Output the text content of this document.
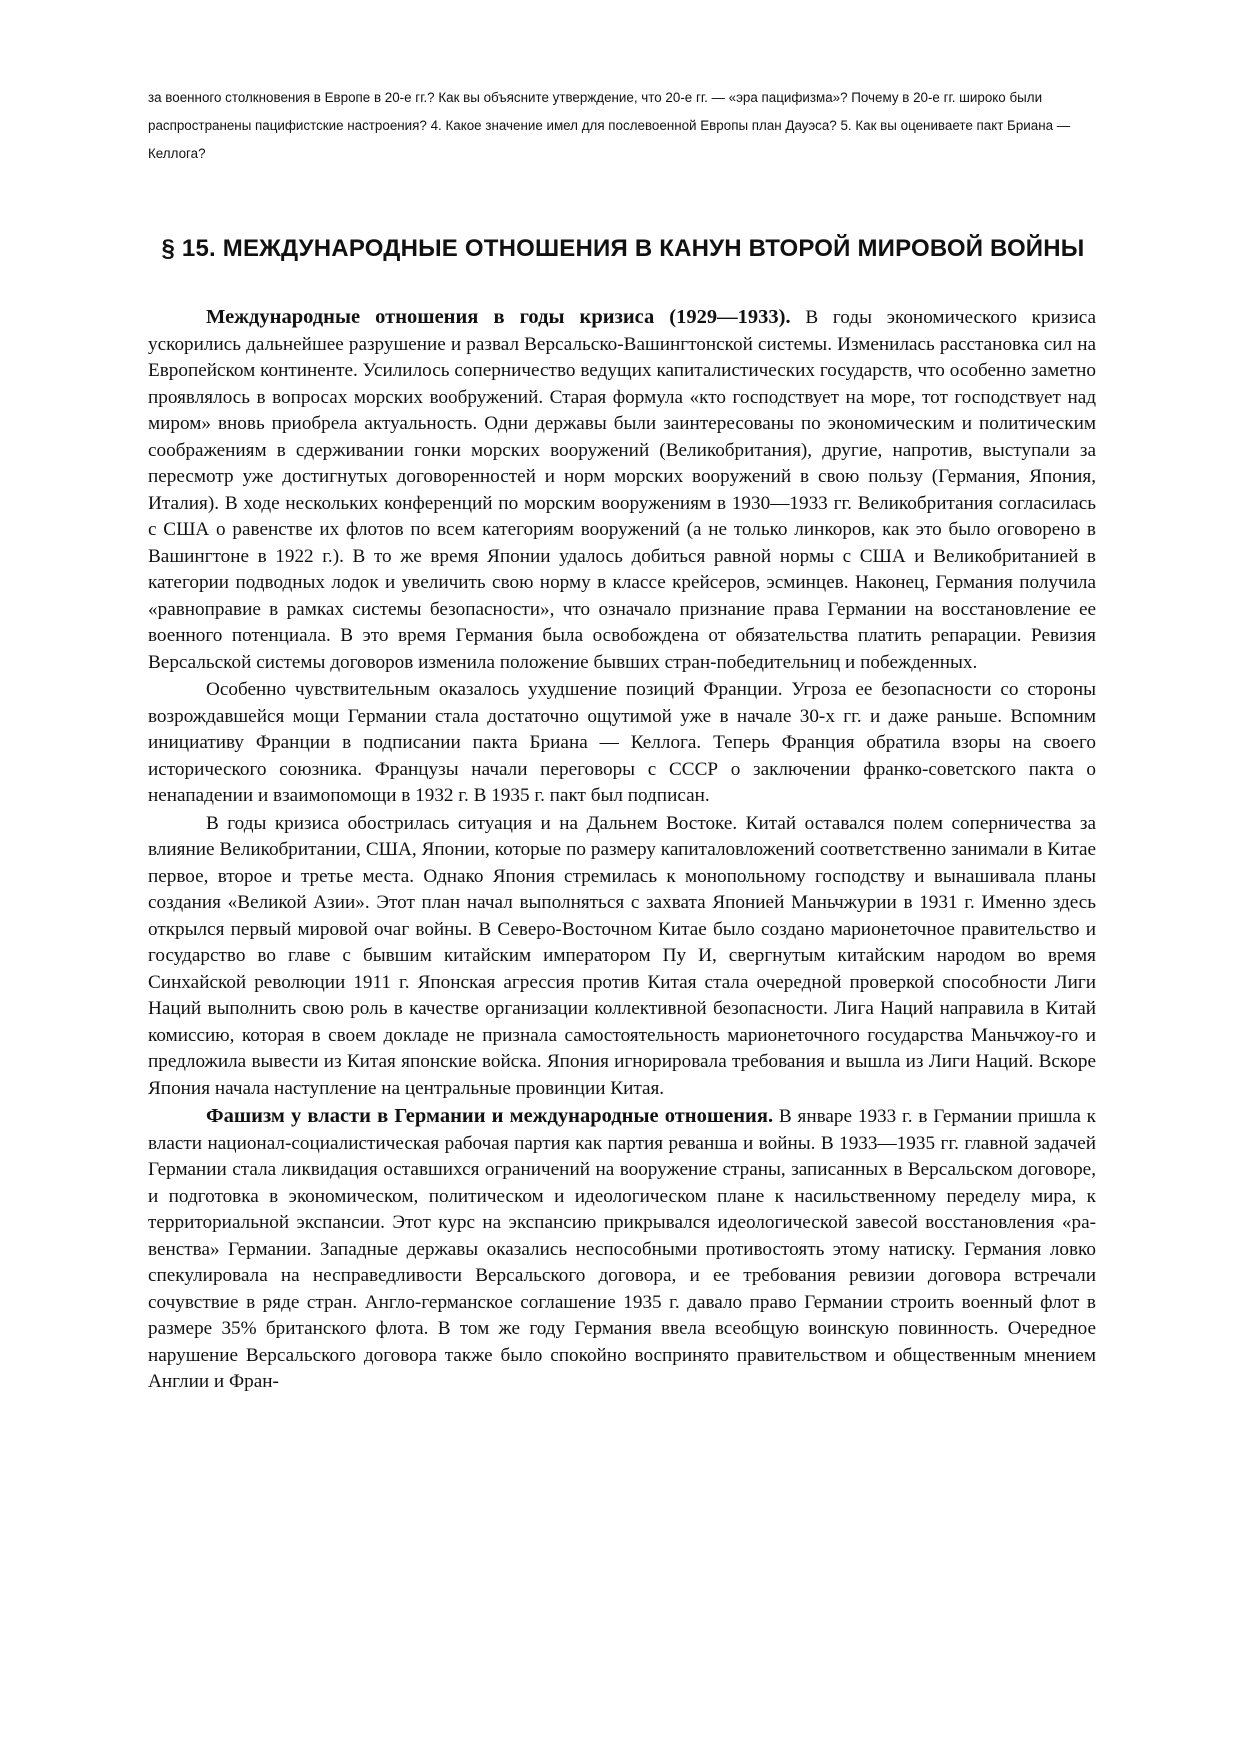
за военного столкновения в Европе в 20-е гг.? Как вы объясните утверждение, что 20-е гг. — «эра пацифизма»? Почему в 20-е гг. широко были распространены пацифистские настроения? 4. Какое значение имел для послевоенной Европы план Дауэса? 5. Как вы оцениваете пакт Бриана — Келлога?

§ 15. МЕЖДУНАРОДНЫЕ ОТНОШЕНИЯ В КАНУН ВТОРОЙ МИРОВОЙ ВОЙНЫ

Международные отношения в годы кризиса (1929—1933). В годы экономического кризиса ускорились дальнейшее разрушение и развал Версальско-Вашингтонской системы. Изменилась расстановка сил на Европейском континенте. Усилилось соперничество ведущих капиталистических государств, что особенно заметно проявлялось в вопросах морских вообружений. Старая формула «кто господствует на море, тот господствует над миром» вновь приобрела актуальность. Одни державы были заинтересованы по экономическим и политическим соображениям в сдерживании гонки морских вооружений (Великобритания), другие, напротив, выступали за пересмотр уже достигнутых договоренностей и норм морских вооружений в свою пользу (Германия, Япония, Италия). В ходе нескольких конференций по морским вооружениям в 1930—1933 гг. Великобритания согласилась с США о равенстве их флотов по всем категориям вооружений (а не только линкоров, как это было оговорено в Вашингтоне в 1922 г.). В то же время Японии удалось добиться равной нормы с США и Великобританией в категории подводных лодок и увеличить свою норму в классе крейсеров, эсминцев. Наконец, Германия получила «равноправие в рамках системы безопасности», что означало признание права Германии на восстановление ее военного потенциала. В это время Германия была освобождена от обязательства платить репарации. Ревизия Версальской системы договоров изменила положение бывших стран-победительниц и побежденных.

Особенно чувствительным оказалось ухудшение позиций Франции. Угроза ее безопасности со стороны возрождавшейся мощи Германии стала достаточно ощутимой уже в начале 30-х гг. и даже раньше. Вспомним инициативу Франции в подписании пакта Бриана — Келлога. Теперь Франция обратила взоры на своего исторического союзника. Французы начали переговоры с СССР о заключении франко-советского пакта о ненападении и взаимопомощи в 1932 г. В 1935 г. пакт был подписан.

В годы кризиса обострилась ситуация и на Дальнем Востоке. Китай оставался полем соперничества за влияние Великобритании, США, Японии, которые по размеру капиталовложений соответственно занимали в Китае первое, второе и третье места. Однако Япония стремилась к монопольному господству и вынашивала планы создания «Великой Азии». Этот план начал выполняться с захвата Японией Маньчжурии в 1931 г. Именно здесь открылся первый мировой очаг войны. В Северо-Восточном Китае было создано марионеточное правительство и государство во главе с бывшим китайским императором Пу И, свергнутым китайским народом во время Синхайской революции 1911 г. Японская агрессия против Китая стала очередной проверкой способности Лиги Наций выполнить свою роль в качестве организации коллективной безопасности. Лига Наций направила в Китай комиссию, которая в своем докладе не признала самостоятельность марионеточного государства Маньчжоу-го и предложила вывести из Китая японские войска. Япония игнорировала требования и вышла из Лиги Наций. Вскоре Япония начала наступление на центральные провинции Китая.

Фашизм у власти в Германии и международные отношения. В январе 1933 г. в Германии пришла к власти национал-социалистическая рабочая партия как партия реванша и войны. В 1933—1935 гг. главной задачей Германии стала ликвидация оставшихся ограничений на вооружение страны, записанных в Версальском договоре, и подготовка в экономическом, политическом и идеологическом плане к насильственному переделу мира, к территориальной экспансии. Этот курс на экспансию прикрывался идеологической завесой восстановления «равенства» Германии. Западные державы оказались неспособными противостоять этому натиску. Германия ловко спекулировала на несправедливости Версальского договора, и ее требования ревизии договора встречали сочувствие в ряде стран. Англо-германское соглашение 1935 г. давало право Германии строить военный флот в размере 35% британского флота. В том же году Германия ввела всеобщую воинскую повинность. Очередное нарушение Версальского договора также было спокойно воспринято правительством и общественным мнением Англии и Фран-
